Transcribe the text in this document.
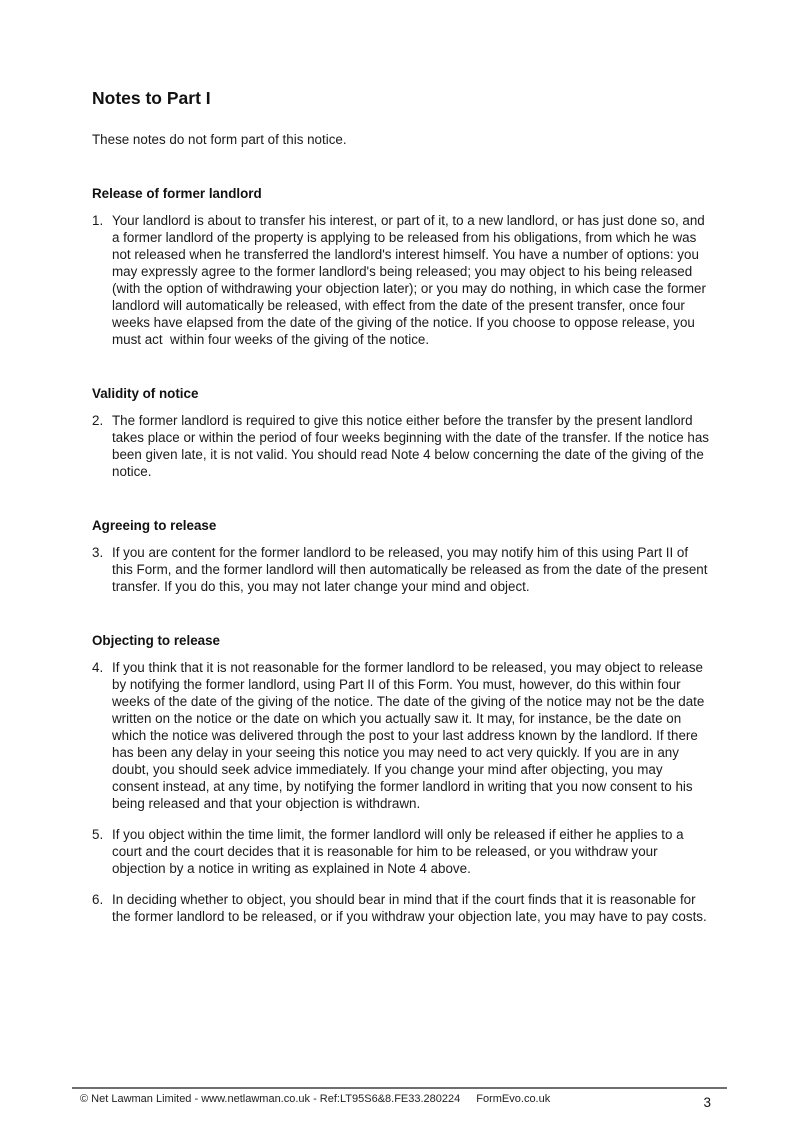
Notes to Part I

These notes do not form part of this notice.

Release of former landlord
1. Your landlord is about to transfer his interest, or part of it, to a new landlord, or has just done so, and a former landlord of the property is applying to be released from his obligations, from which he was not released when he transferred the landlord's interest himself. You have a number of options: you may expressly agree to the former landlord's being released; you may object to his being released (with the option of withdrawing your objection later); or you may do nothing, in which case the former landlord will automatically be released, with effect from the date of the present transfer, once four weeks have elapsed from the date of the giving of the notice. If you choose to oppose release, you must act  within four weeks of the giving of the notice.
Validity of notice
2. The former landlord is required to give this notice either before the transfer by the present landlord takes place or within the period of four weeks beginning with the date of the transfer. If the notice has been given late, it is not valid. You should read Note 4 below concerning the date of the giving of the notice.
Agreeing to release
3. If you are content for the former landlord to be released, you may notify him of this using Part II of this Form, and the former landlord will then automatically be released as from the date of the present transfer. If you do this, you may not later change your mind and object.
Objecting to release
4. If you think that it is not reasonable for the former landlord to be released, you may object to release by notifying the former landlord, using Part II of this Form. You must, however, do this within four weeks of the date of the giving of the notice. The date of the giving of the notice may not be the date written on the notice or the date on which you actually saw it. It may, for instance, be the date on which the notice was delivered through the post to your last address known by the landlord. If there has been any delay in your seeing this notice you may need to act very quickly. If you are in any doubt, you should seek advice immediately. If you change your mind after objecting, you may consent instead, at any time, by notifying the former landlord in writing that you now consent to his being released and that your objection is withdrawn.
5. If you object within the time limit, the former landlord will only be released if either he applies to a court and the court decides that it is reasonable for him to be released, or you withdraw your objection by a notice in writing as explained in Note 4 above.
6. In deciding whether to object, you should bear in mind that if the court finds that it is reasonable for the former landlord to be released, or if you withdraw your objection late, you may have to pay costs.
© Net Lawman Limited - www.netlawman.co.uk - Ref:LT95S6&8.FE33.280224 FormEvo.co.uk	3
